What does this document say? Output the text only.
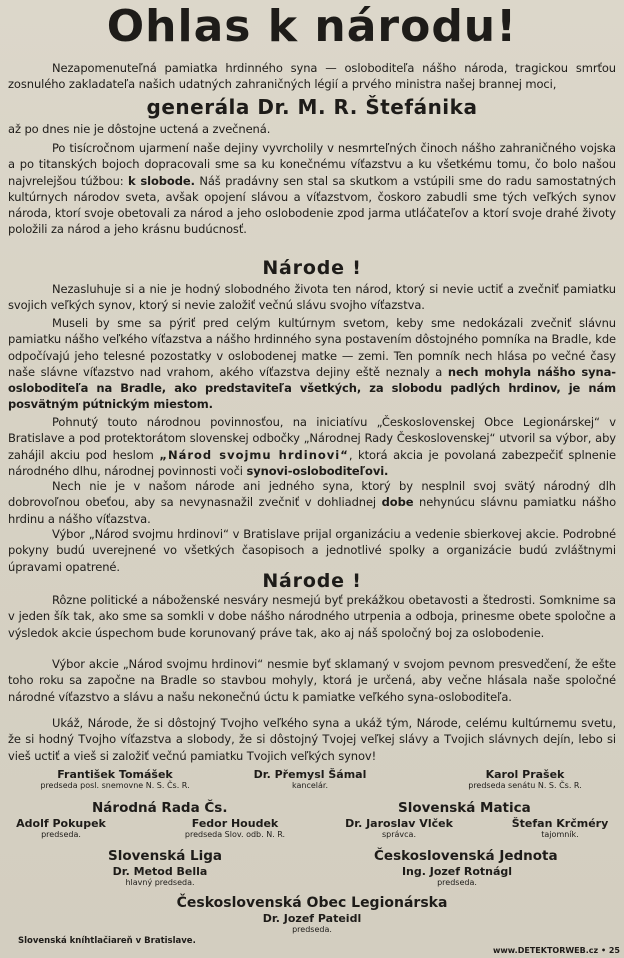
Ohlas k národu!

Nezapomenuteľná pamiatka hrdinného syna — osloboditeľa nášho národa, tragickou smrťou zosnulého zakladateľa našich udatných zahraničných légií a prvého ministra našej brannej moci,

generála Dr. M. R. Štefánika

až po dnes nie je dôstojne uctená a zvečnená.

Po tisícročnom ujarmení naše dejiny vyvrcholily v nesmrteľných činoch nášho zahraničného vojska a po titanských bojoch dopracovali sme sa ku konečnému víťazstvu a ku všetkému tomu, čo bolo našou najvrelejšou túžbou: k slobode. Náš pradávny sen stal sa skutkom a vstúpili sme do radu samostatných kultúrnych národov sveta, avšak opojení slávou a víťazstvom, čoskoro zabudli sme tých veľkých synov národa, ktorí svoje obetovali za národ a jeho oslobodenie zpod jarma utláčateľov a ktorí svoje drahé životy položili za národ a jeho krásnu budúcnosť.

Národe !

Nezasluhuje si a nie je hodný slobodného života ten národ, ktorý si nevie uctiť a zvečniť pamiatku svojich veľkých synov, ktorý si nevie založiť večnú slávu svojho víťazstva.

Museli by sme sa pýriť pred celým kultúrnym svetom, keby sme nedokázali zvečniť slávnu pamiatku nášho veľkého víťazstva a nášho hrdinného syna postavením dôstojného pomníka na Bradle, kde odpočívajú jeho telesné pozostatky v oslobodenej matke — zemi. Ten pomník nech hlása po večné časy naše slávne víťazstvo nad vrahom, akého víťazstva dejiny eště neznaly a nech mohyla nášho syna-osloboditeľa na Bradle, ako predstaviteľa všetkých, za slobodu padlých hrdinov, je nám posvätným pútnickým miestom.

Pohnutý touto národnou povinnosťou, na iniciatívu „Československej Obce Legionárskej“ v Bratislave a pod protektorátom slovenskej odbočky „Národnej Rady Československej“ utvoril sa výbor, aby zahájil akciu pod heslom „Národ svojmu hrdinovi“, ktorá akcia je povolaná zabezpečiť splnenie národného dlhu, národnej povinnosti voči synovi-osloboditeľovi.

Nech nie je v našom národe ani jedného syna, ktorý by nesplnil svoj svätý národný dlh dobrovoľnou obeťou, aby sa nevynasnažil zvečniť v dohliadnej dobe nehynúcu slávnu pamiatku nášho hrdinu a nášho víťazstva.

Výbor „Národ svojmu hrdinovi“ v Bratislave prijal organizáciu a vedenie sbierkovej akcie. Podrobné pokyny budú uverejnené vo všetkých časopisoch a jednotlivé spolky a organizácie budú zvláštnymi úpravami opatrené.

Národe !

Rôzne politické a náboženské nesváry nesmejú byť prekážkou obetavosti a štedrosti. Somknime sa v jeden šík tak, ako sme sa somkli v dobe nášho národného utrpenia a odboja, prinesme obete spoločne a výsledok akcie úspechom bude korunovaný práve tak, ako aj náš spoločný boj za oslobodenie.

Výbor akcie „Národ svojmu hrdinovi“ nesmie byť sklamaný v svojom pevnom presvedčení, že ešte toho roku sa započne na Bradle so stavbou mohyly, ktorá je určená, aby večne hlásala naše spoločné národné víťazstvo a slávu a našu nekonečnú úctu k pamiatke veľkého syna-osloboditeľa.

Ukáž, Národe, že si dôstojný Tvojho veľkého syna a ukáž tým, Národe, celému kultúrnemu svetu, že si hodný Tvojho víťazstva a slobody, že si dôstojný Tvojej veľkej slávy a Tvojich slávnych dejín, lebo si vieš uctiť a vieš si založiť večnú pamiatku Tvojich veľkých synov!

František Tomášek
predseda posl. snemovne N. S. Čs. R.
Dr. Přemysl Šámal
kancelár.
Karol Prašek
predseda senátu N. S. Čs. R.
Národná Rada Čs.	Slovenská Matica
Adolf Pokupek
predseda.
Fedor Houdek
predseda Slov. odb. N. R.
Dr. Jaroslav Vlček
správca.
Štefan Krčméry
tajomník.
Slovenská Liga	Československá Jednota
Dr. Metod Bella
hlavný predseda.
Ing. Jozef Rotnágl
predseda.
Československá Obec Legionárska
Dr. Jozef Pateidl
predseda.
Slovenská kníhtlačiareň v Bratislave.
www.DETEKTORWEB.cz • 25
